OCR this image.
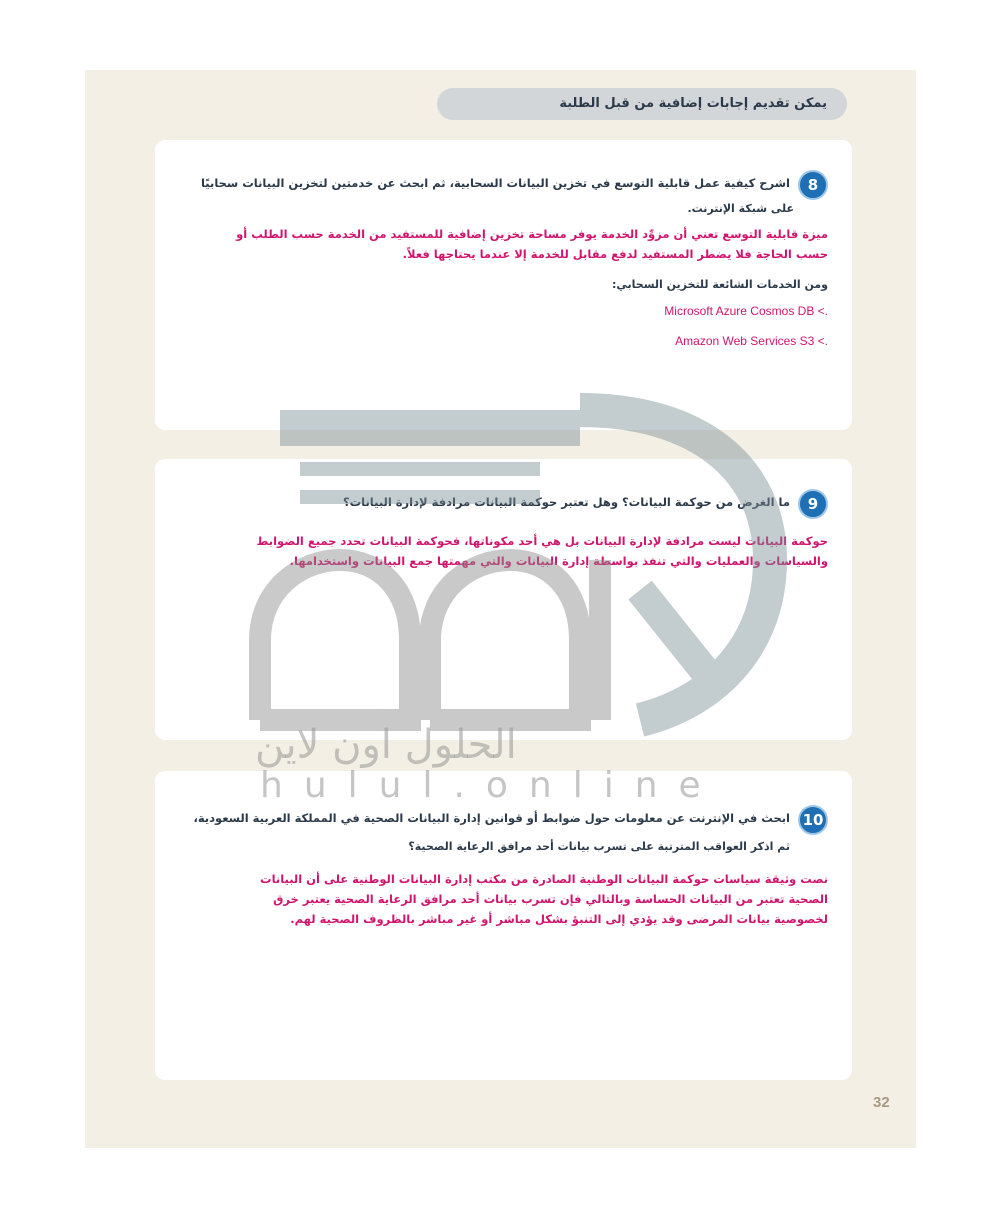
يمكن تقديم إجابات إضافية من قبل الطلبة
8
اشرح كيفية عمل قابلية التوسع في تخزين البيانات السحابية، ثم ابحث عن خدمتين لتخزين البيانات سحابيًا
على شبكة الإنترنت.
ميزة قابلية التوسع تعني أن مزوِّد الخدمة يوفر مساحة تخزين إضافية للمستفيد من الخدمة حسب الطلب أو
حسب الحاجة فلا يضطر المستفيد لدفع مقابل للخدمة إلا عندما يحتاجها فعلاً.
ومن الخدمات الشائعة للتخزين السحابي:
Microsoft Azure Cosmos DB <.
Amazon Web Services S3 <.
9
ما الغرض من حوكمة البيانات؟ وهل تعتبر حوكمة البيانات مرادفة لإدارة البيانات؟
حوكمة البيانات ليست مرادفة لإدارة البيانات بل هي أحد مكوناتها، فحوكمة البيانات تحدد جميع الضوابط
والسياسات والعمليات والتي تنفذ بواسطة إدارة البيانات والتي مهمتها جمع البيانات واستخدامها.
10
ابحث في الإنترنت عن معلومات حول ضوابط أو قوانين إدارة البيانات الصحية في المملكة العربية السعودية،
ثم اذكر العواقب المترتبة على تسرب بيانات أحد مرافق الرعاية الصحية؟
نصت وثيقة سياسات حوكمة البيانات الوطنية الصادرة من مكتب إدارة البيانات الوطنية على أن البيانات
الصحية تعتبر من البيانات الحساسة وبالتالي فإن تسرب بيانات أحد مرافق الرعاية الصحية يعتبر خرق
لخصوصية بيانات المرضى وقد يؤدي إلى التنبؤ بشكل مباشر أو غير مباشر بالظروف الصحية لهم.
الحلول اون لاين
hulul.online
32
